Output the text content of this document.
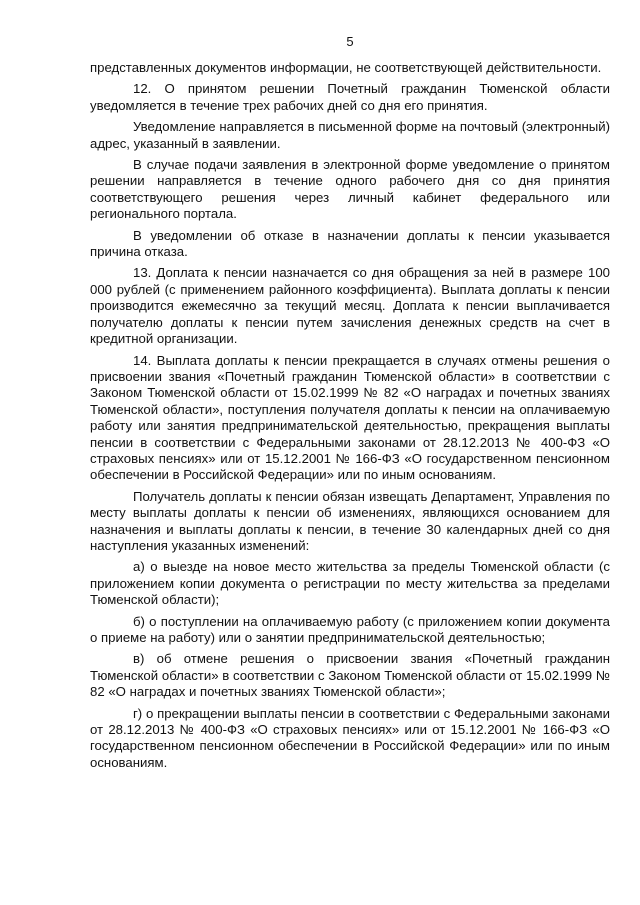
5

представленных документов информации, не соответствующей действительности.

12. О принятом решении Почетный гражданин Тюменской области уведомляется в течение трех рабочих дней со дня его принятия.

Уведомление направляется в письменной форме на почтовый (электронный) адрес, указанный в заявлении.

В случае подачи заявления в электронной форме уведомление о принятом решении направляется в течение одного рабочего дня со дня принятия соответствующего решения через личный кабинет федерального или регионального портала.

В уведомлении об отказе в назначении доплаты к пенсии указывается причина отказа.

13. Доплата к пенсии назначается со дня обращения за ней в размере 100 000 рублей (с применением районного коэффициента). Выплата доплаты к пенсии производится ежемесячно за текущий месяц. Доплата к пенсии выплачивается получателю доплаты к пенсии путем зачисления денежных средств на счет в кредитной организации.

14. Выплата доплаты к пенсии прекращается в случаях отмены решения о присвоении звания «Почетный гражданин Тюменской области» в соответствии с Законом Тюменской области от 15.02.1999 № 82 «О наградах и почетных званиях Тюменской области», поступления получателя доплаты к пенсии на оплачиваемую работу или занятия предпринимательской деятельностью, прекращения выплаты пенсии в соответствии с Федеральными законами от 28.12.2013 № 400-ФЗ «О страховых пенсиях» или от 15.12.2001 № 166-ФЗ «О государственном пенсионном обеспечении в Российской Федерации» или по иным основаниям.

Получатель доплаты к пенсии обязан извещать Департамент, Управления по месту выплаты доплаты к пенсии об изменениях, являющихся основанием для назначения и выплаты доплаты к пенсии, в течение 30 календарных дней со дня наступления указанных изменений:

а) о выезде на новое место жительства за пределы Тюменской области (с приложением копии документа о регистрации по месту жительства за пределами Тюменской области);

б) о поступлении на оплачиваемую работу (с приложением копии документа о приеме на работу) или о занятии предпринимательской деятельностью;

в) об отмене решения о присвоении звания «Почетный гражданин Тюменской области» в соответствии с Законом Тюменской области от 15.02.1999 № 82 «О наградах и почетных званиях Тюменской области»;

г) о прекращении выплаты пенсии в соответствии с Федеральными законами от 28.12.2013 № 400-ФЗ «О страховых пенсиях» или от 15.12.2001 № 166-ФЗ «О государственном пенсионном обеспечении в Российской Федерации» или по иным основаниям.
